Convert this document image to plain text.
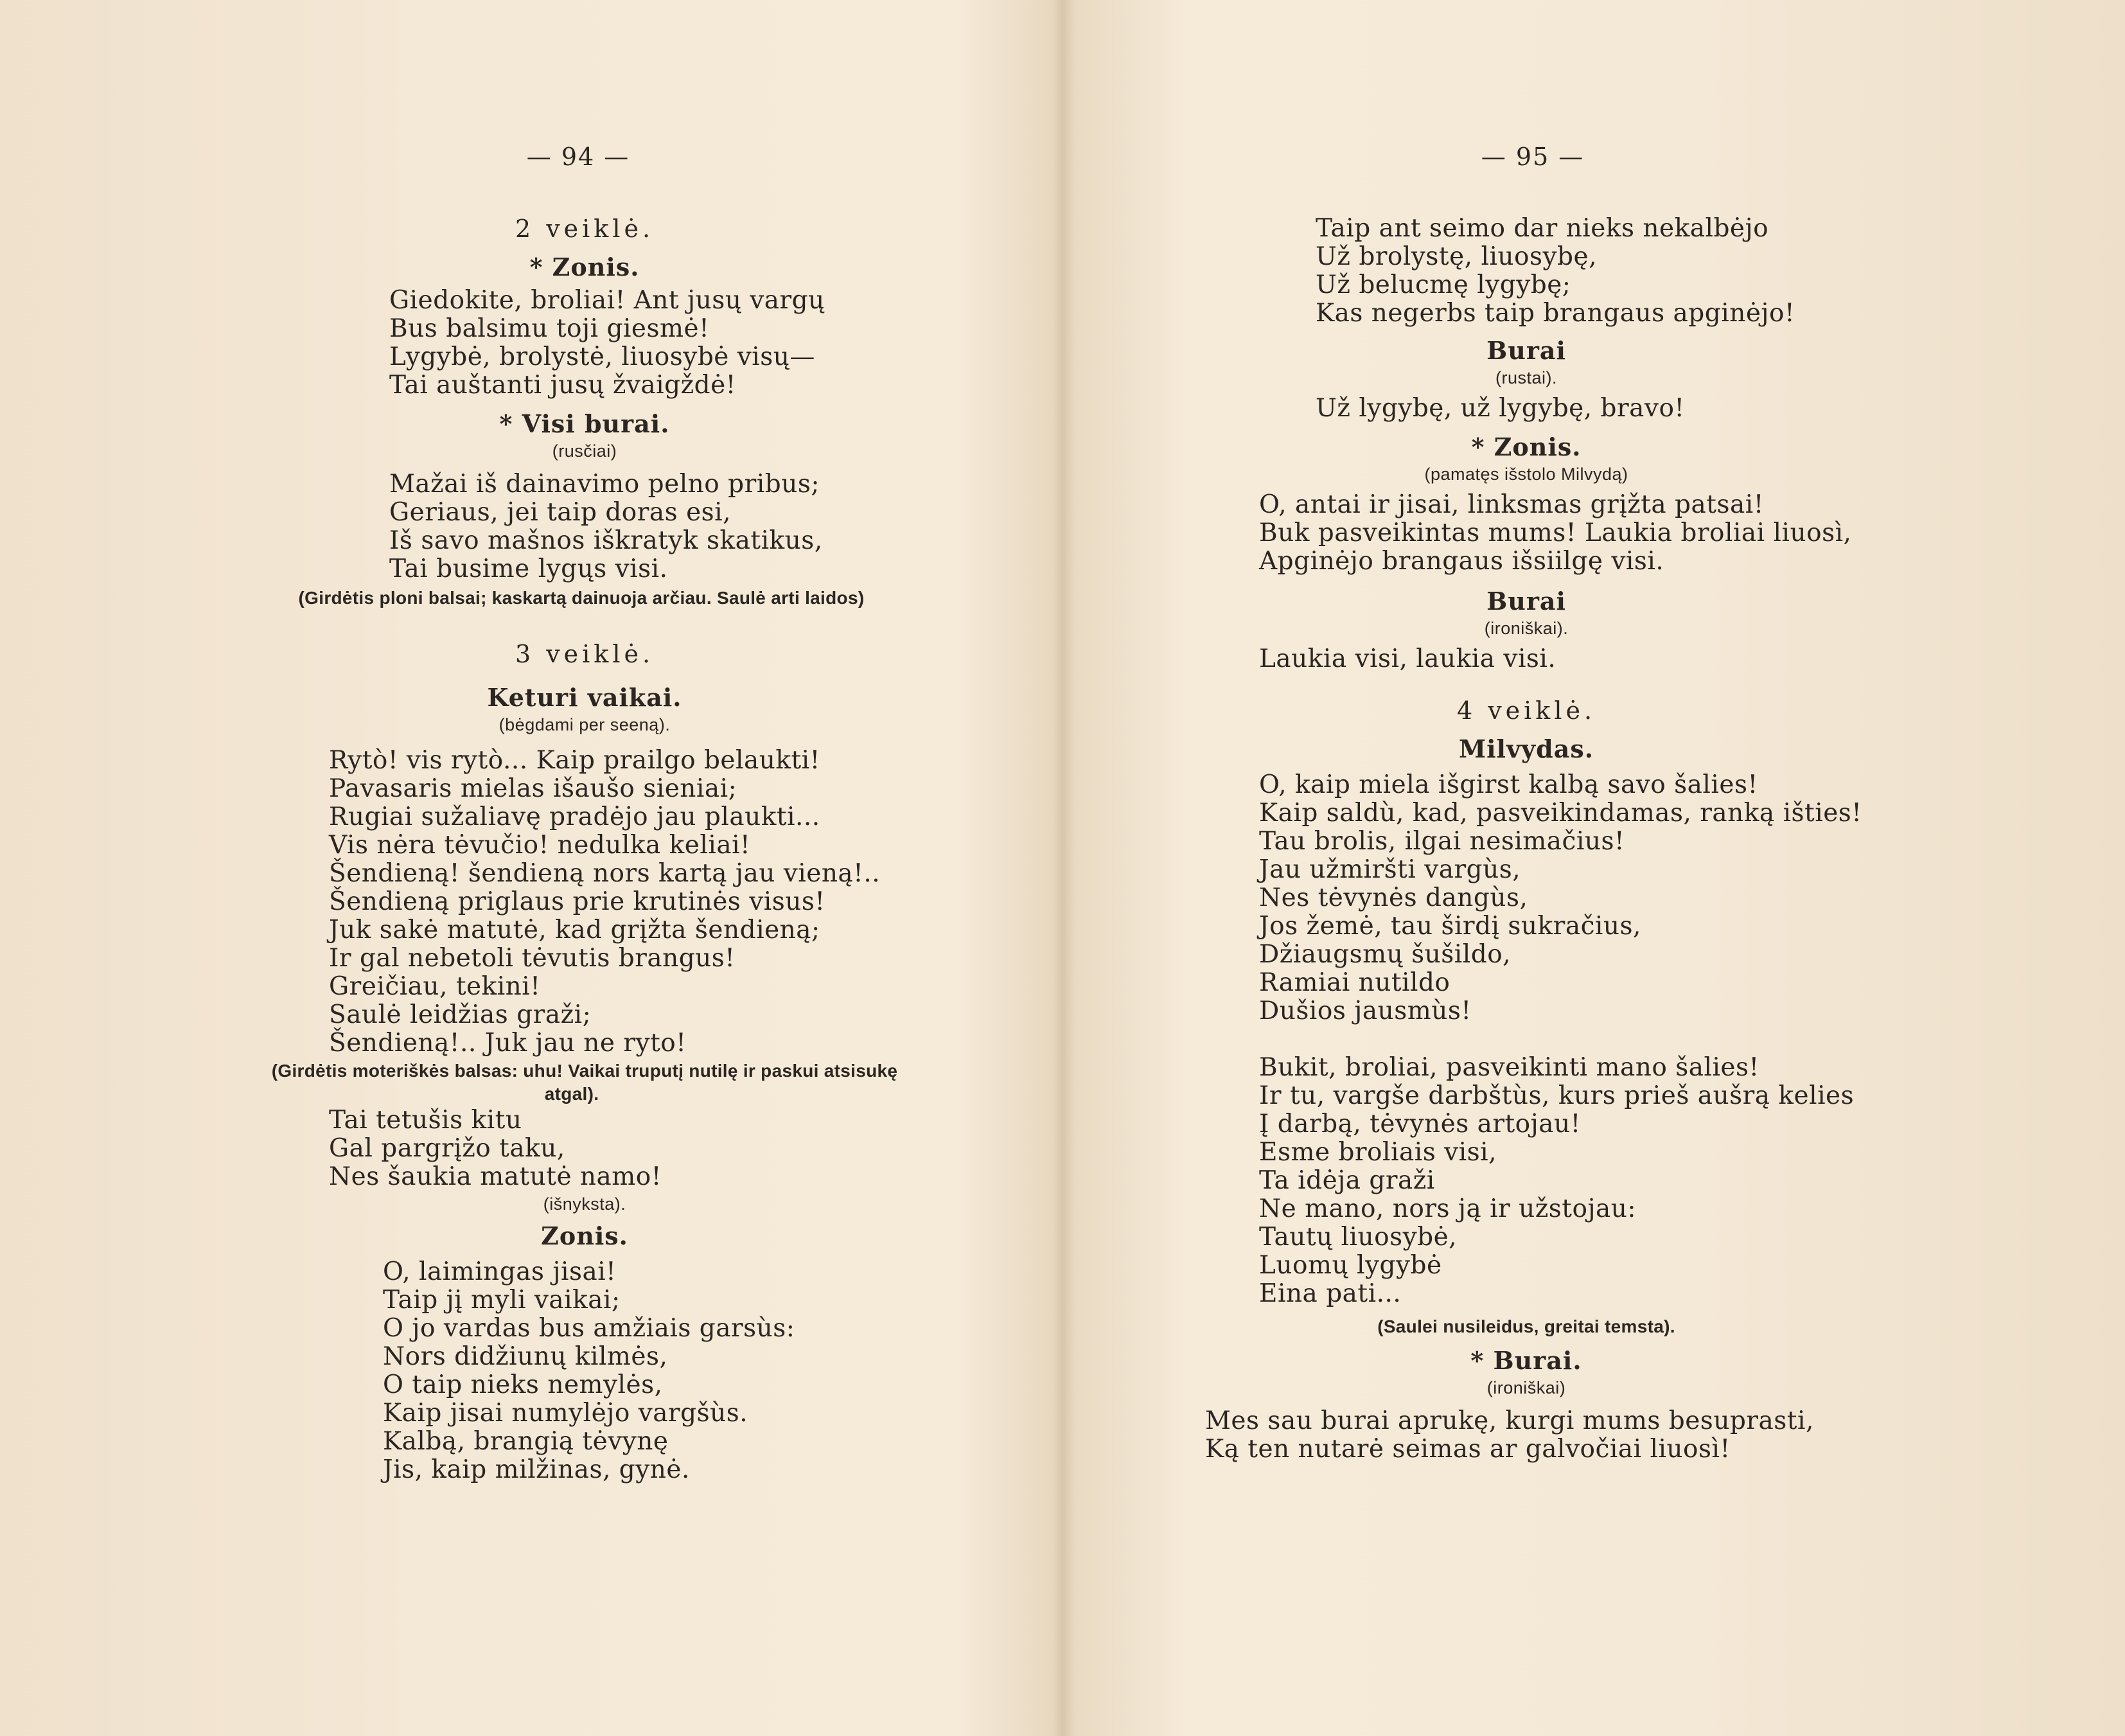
— 94 —
2 veiklė.
* Zonis.
Giedokite, broliai! Ant jusų vargų
Bus balsimu toji giesmė!
Lygybė, brolystė, liuosybė visų—
Tai auštanti jusų žvaigždė!
* Visi burai.
(rusčiai)
Mažai iš dainavimo pelno pribus;
Geriaus, jei taip doras esi,
Iš savo mašnos iškratyk skatikus,
Tai busime lygųs visi.
(Girdėtis ploni balsai; kaskartą dainuoja arčiau. Saulė arti laidos)
3 veiklė.
Keturi vaikai.
(bėgdami per seeną).
Rytò! vis rytò... Kaip prailgo belaukti!
Pavasaris mielas išaušo sieniai;
Rugiai sužaliavę pradėjo jau plaukti...
Vis nėra tėvučio! nedulka keliai!
Šendieną! šendieną nors kartą jau vieną!..
Šendieną priglaus prie krutinės visus!
Juk sakė matutė, kad grįžta šendieną;
Ir gal nebetoli tėvutis brangus!
Greičiau, tekini!
Saulė leidžias graži;
Šendieną!.. Juk jau ne ryto!
(Girdėtis moteriškės balsas: uhu! Vaikai truputį nutilę ir paskui atsisukę
atgal).
Tai tetušis kitu
Gal pargrįžo taku,
Nes šaukia matutė namo!
(išnyksta).
Zonis.
O, laimingas jisai!
Taip jį myli vaikai;
O jo vardas bus amžiais garsùs:
Nors didžiunų kilmės,
O taip nieks nemylės,
Kaip jisai numylėjo vargšùs.
Kalbą, brangią tėvynę
Jis, kaip milžinas, gynė.
— 95 —
Taip ant seimo dar nieks nekalbėjo
Už brolystę, liuosybę,
Už belucmę lygybę;
Kas negerbs taip brangaus apginėjo!
Burai
(rustai).
Už lygybę, už lygybę, bravo!
* Zonis.
(pamatęs išstolo Milvydą)
O, antai ir jisai, linksmas grįžta patsai!
Buk pasveikintas mums! Laukia broliai liuosì,
Apginėjo brangaus išsiilgę visi.
Burai
(ironiškai).
Laukia visi, laukia visi.
4 veiklė.
Milvydas.
O, kaip miela išgirst kalbą savo šalies!
Kaip saldù, kad, pasveikindamas, ranką išties!
Tau brolis, ilgai nesimačius!
Jau užmiršti vargùs,
Nes tėvynės dangùs,
Jos žemė, tau širdį sukračius,
Džiaugsmų šušildo,
Ramiai nutildo
Dušios jausmùs!
Bukit, broliai, pasveikinti mano šalies!
Ir tu, vargše darbštùs, kurs prieš aušrą kelies
Į darbą, tėvynės artojau!
Esme broliais visi,
Ta idėja graži
Ne mano, nors ją ir užstojau:
Tautų liuosybė,
Luomų lygybė
Eina pati...
(Saulei nusileidus, greitai temsta).
* Burai.
(ironiškai)
Mes sau burai aprukę, kurgi mums besuprasti,
Ką ten nutarė seimas ar galvočiai liuosì!
